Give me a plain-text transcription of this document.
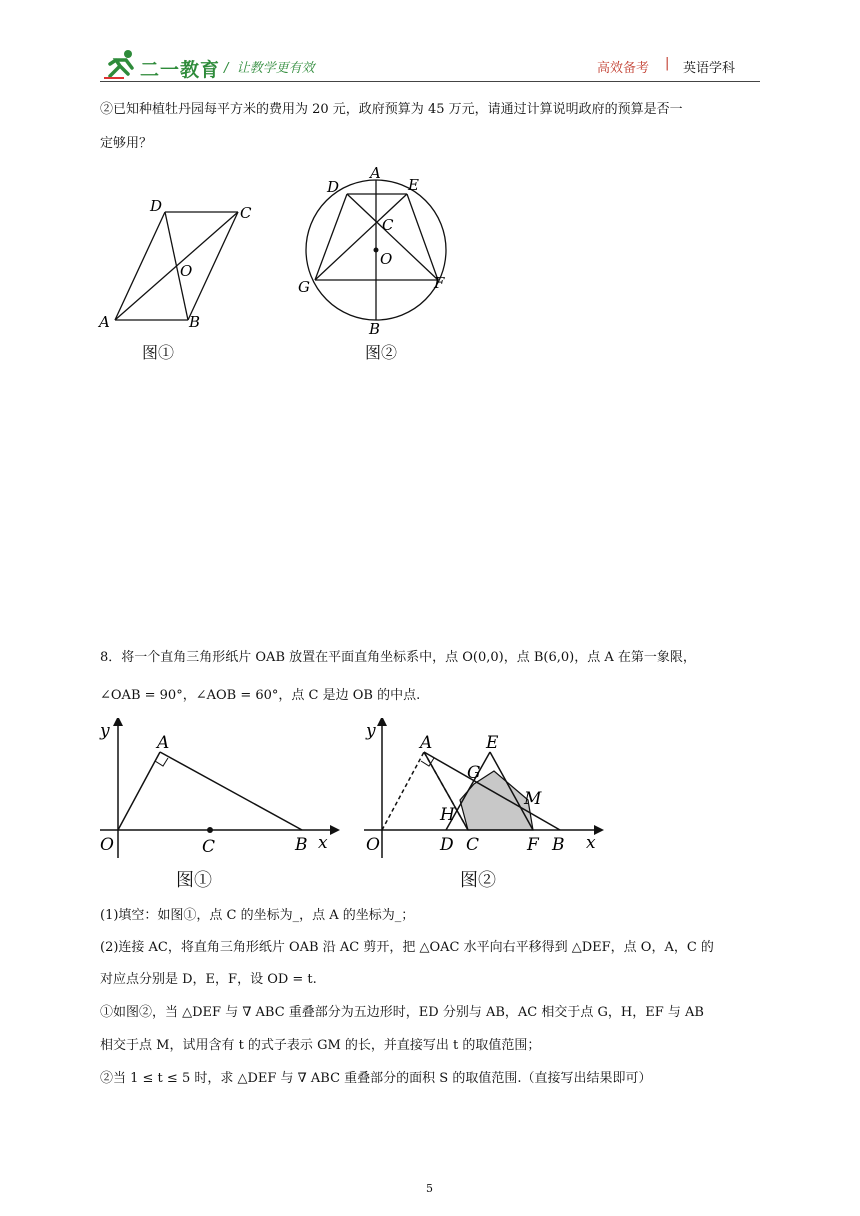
二一教育 /  让教学更有效	高效备考 | 英语学科
②已知种植牡丹园每平方米的费用为 20 元，政府预算为 45 万元，请通过计算说明政府的预算是否一
定够用？
A	B
C
D
O
图①
A
D	E
C
O
G	F
B
图②
8．将一个直角三角形纸片 OAB 放置在平面直角坐标系中，点 O(0,0)，点 B(6,0)，点 A 在第一象限，
∠OAB = 90°，∠AOB = 60°，点 C 是边 OB 的中点.
y
x
O
A
C	B
图①
y
x
O
A	E
G
M
H
D C	F B
图②
(1)填空：如图①，点 C 的坐标为_，点 A 的坐标为_；
(2)连接 AC，将直角三角形纸片 OAB 沿 AC 剪开，把 △OAC 水平向右平移得到 △DEF，点 O，A，C 的
对应点分别是 D，E，F，设 OD = t.
①如图②，当 △DEF 与 ∇ ABC 重叠部分为五边形时，ED 分别与 AB，AC 相交于点 G，H，EF 与 AB
相交于点 M，试用含有 t 的式子表示 GM 的长，并直接写出 t 的取值范围；
②当 1 ≤ t ≤ 5 时，求 △DEF 与 ∇ ABC 重叠部分的面积 S 的取值范围.（直接写出结果即可）
5
